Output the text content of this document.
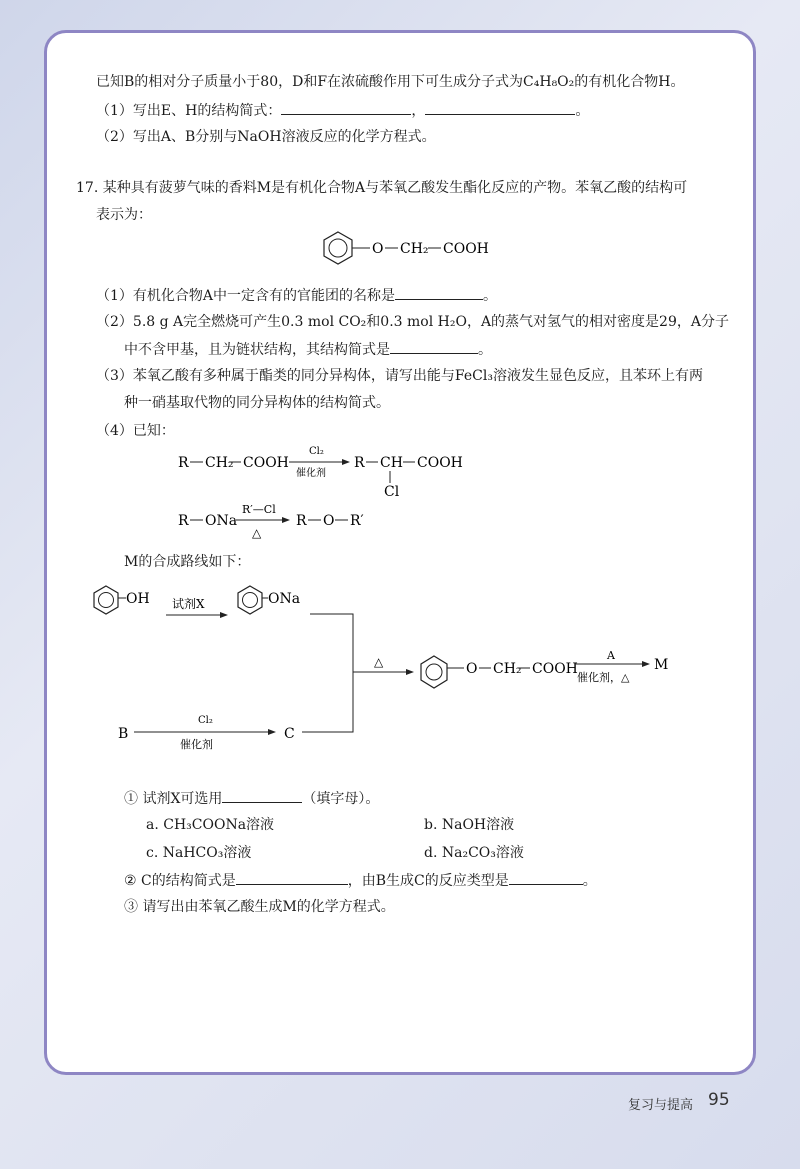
已知B的相对分子质量小于80，D和F在浓硫酸作用下可生成分子式为C₄H₈O₂的有机化合物H。
（1）写出E、H的结构简式：	，	。
（2）写出A、B分别与NaOH溶液反应的化学方程式。
17. 某种具有菠萝气味的香料M是有机化合物A与苯氧乙酸发生酯化反应的产物。苯氧乙酸的结构可
表示为：
O CH₂ COOH
（1）有机化合物A中一定含有的官能团的名称是	。
（2）5.8 g A完全燃烧可产生0.3 mol CO₂和0.3 mol H₂O，A的蒸气对氢气的相对密度是29，A分子
中不含甲基，且为链状结构，其结构简式是	。
（3）苯氧乙酸有多种属于酯类的同分异构体，请写出能与FeCl₃溶液发生显色反应，且苯环上有两
种一硝基取代物的同分异构体的结构简式。
（4）已知：
R CH₂ COOH
Cl₂
催化剂
R CH COOH
Cl
R ONa
R′—Cl
△
R O R′
M的合成路线如下：
OH 试剂X	ONa
Cl₂
B
催化剂
C
△	O CH₂ COOH
A
催化剂，△
M
① 试剂X可选用	（填字母）。
a. CH₃COONa溶液	b. NaOH溶液
c. NaHCO₃溶液	d. Na₂CO₃溶液
② C的结构简式是	，由B生成C的反应类型是	。
③ 请写出由苯氧乙酸生成M的化学方程式。
复习与提高 95
